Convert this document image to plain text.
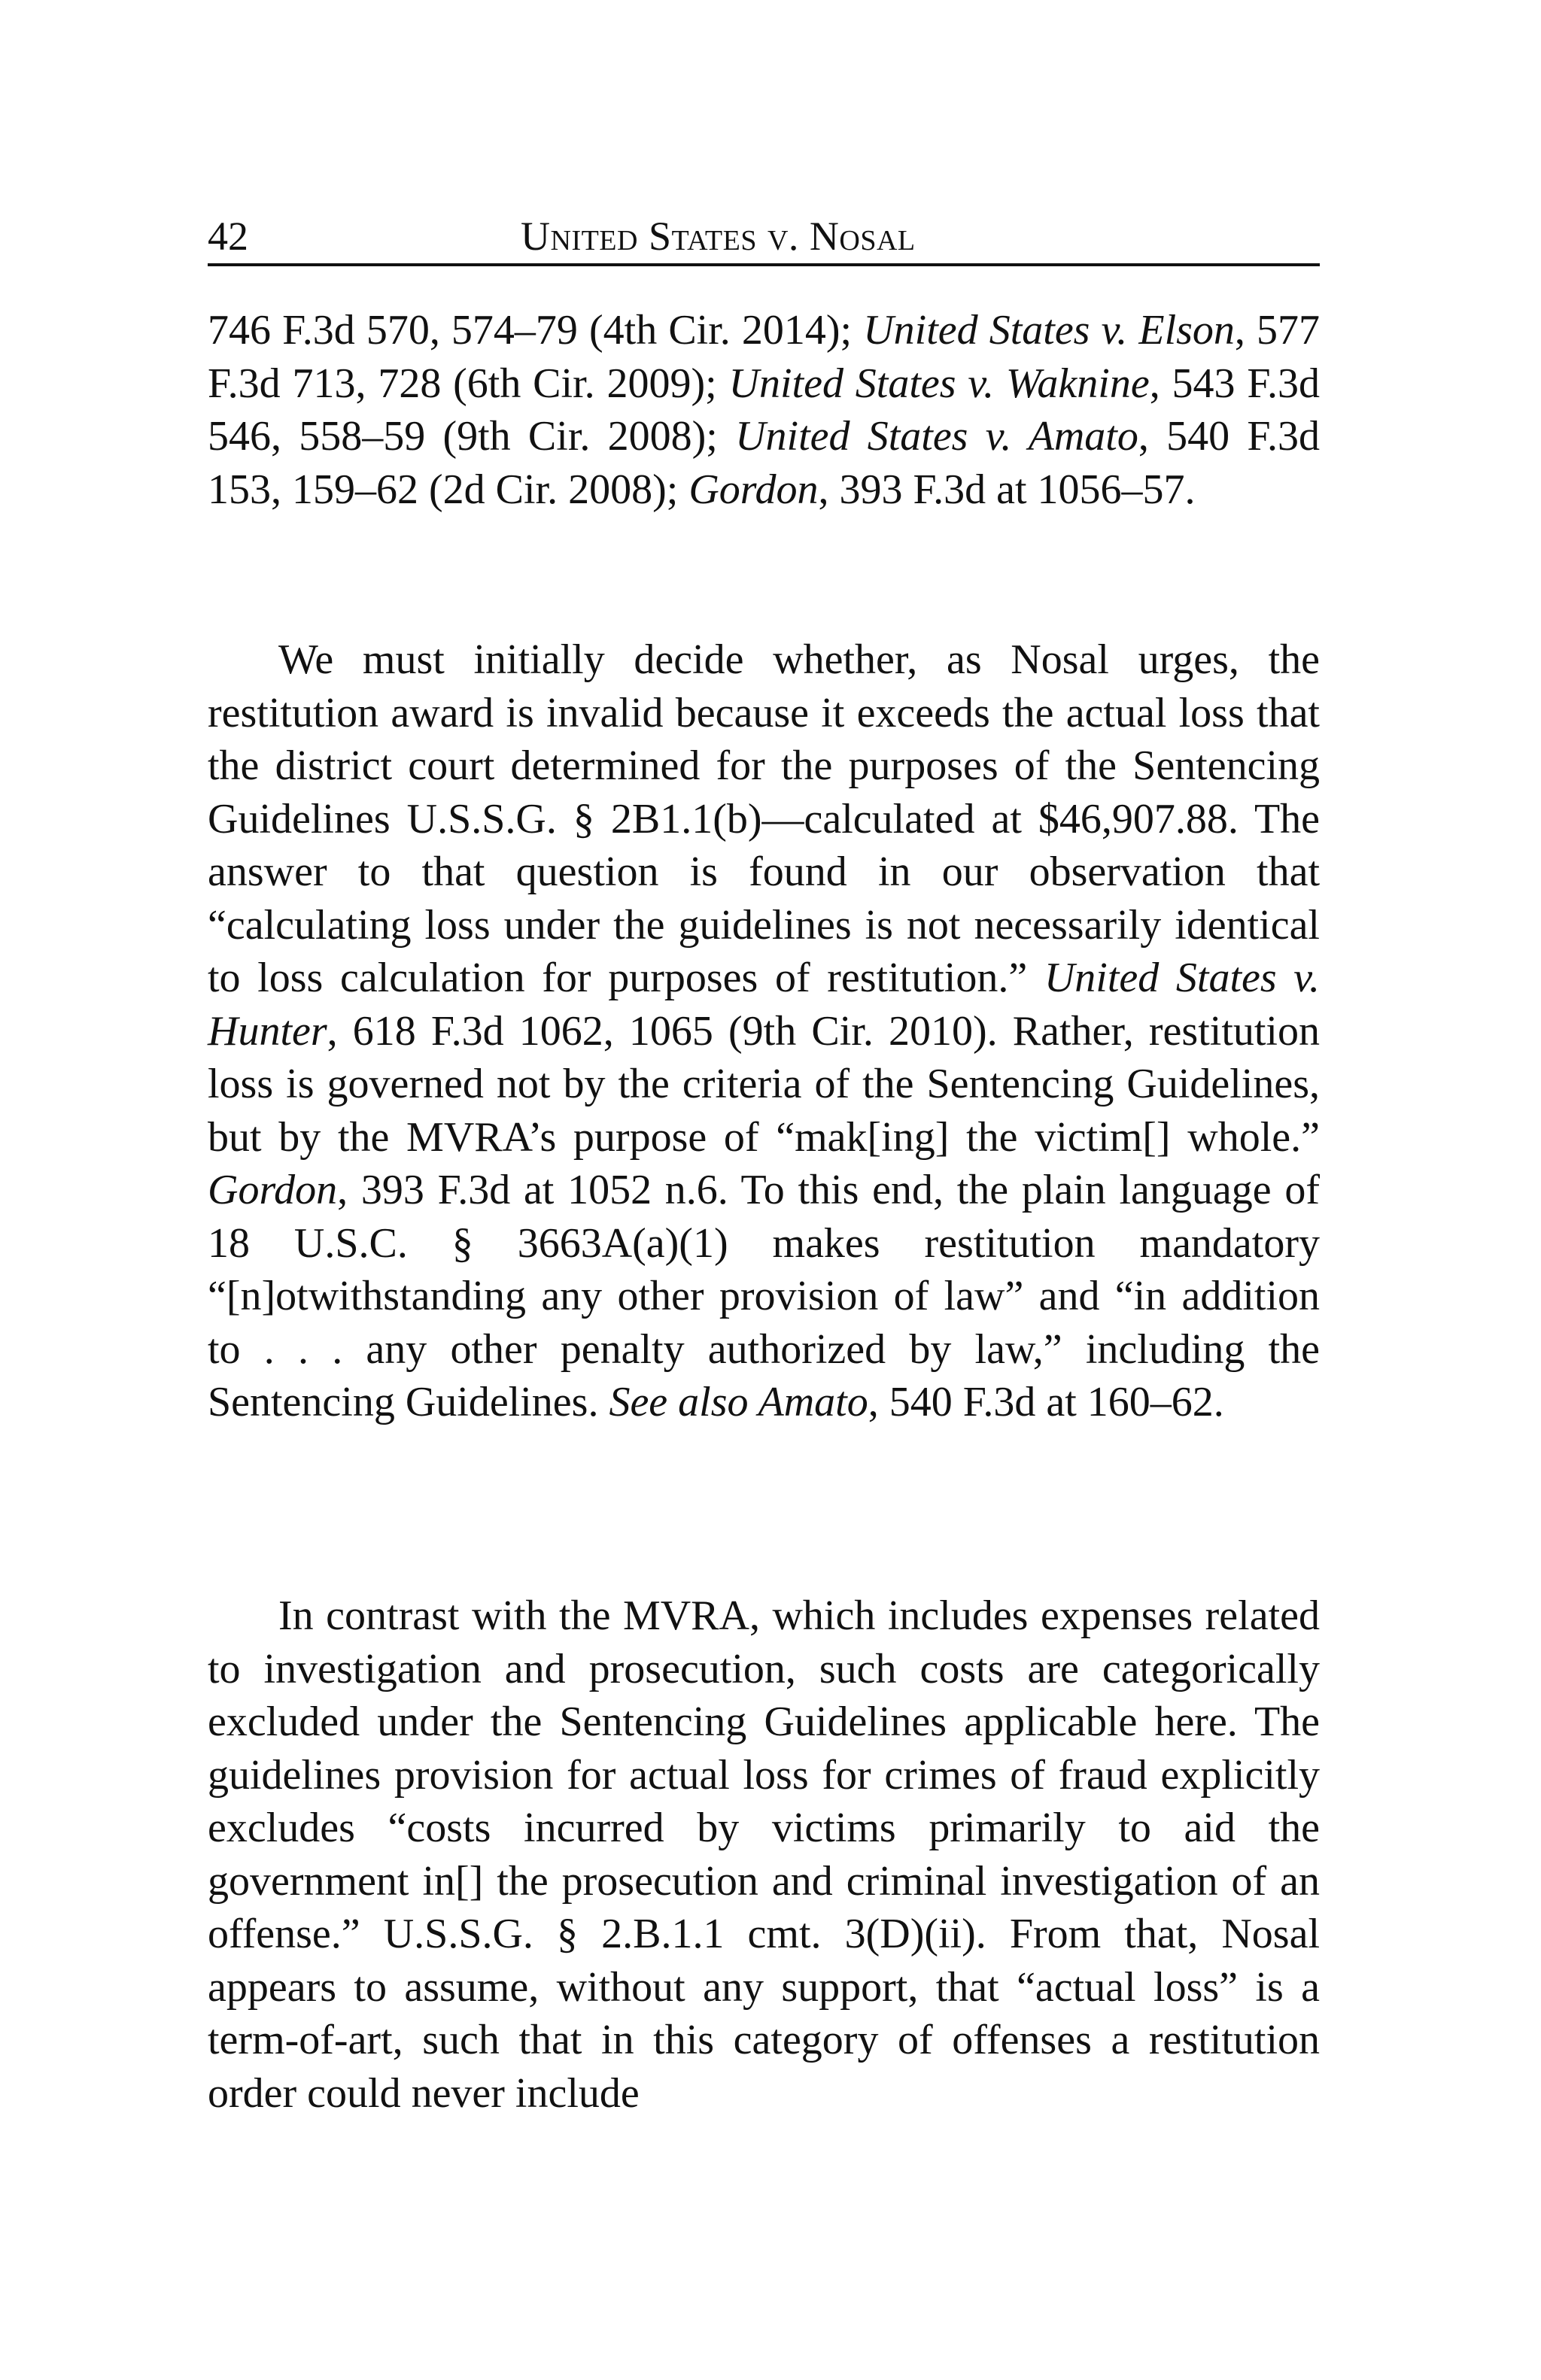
42	United States v. Nosal

746 F.3d 570, 574–79 (4th Cir. 2014); United States v. Elson, 577 F.3d 713, 728 (6th Cir. 2009); United States v. Waknine, 543 F.3d 546, 558–59 (9th Cir. 2008); United States v. Amato, 540 F.3d 153, 159–62 (2d Cir. 2008); Gordon, 393 F.3d at 1056–57.

We must initially decide whether, as Nosal urges, the restitution award is invalid because it exceeds the actual loss that the district court determined for the purposes of the Sentencing Guidelines U.S.S.G. § 2B1.1(b)—calculated at $46,907.88. The answer to that question is found in our observation that “calculating loss under the guidelines is not necessarily identical to loss calculation for purposes of restitution.” United States v. Hunter, 618 F.3d 1062, 1065 (9th Cir. 2010). Rather, restitution loss is governed not by the criteria of the Sentencing Guidelines, but by the MVRA’s purpose of “mak[ing] the victim[] whole.” Gordon, 393 F.3d at 1052 n.6. To this end, the plain language of 18 U.S.C. § 3663A(a)(1) makes restitution mandatory “[n]otwithstanding any other provision of law” and “in addition to . . . any other penalty authorized by law,” including the Sentencing Guidelines. See also Amato, 540 F.3d at 160–62.

In contrast with the MVRA, which includes expenses related to investigation and prosecution, such costs are categorically excluded under the Sentencing Guidelines applicable here. The guidelines provision for actual loss for crimes of fraud explicitly excludes “costs incurred by victims primarily to aid the government in[] the prosecution and criminal investigation of an offense.” U.S.S.G. § 2.B.1.1 cmt. 3(D)(ii). From that, Nosal appears to assume, without any support, that “actual loss” is a term-of-art, such that in this category of offenses a restitution order could never include
